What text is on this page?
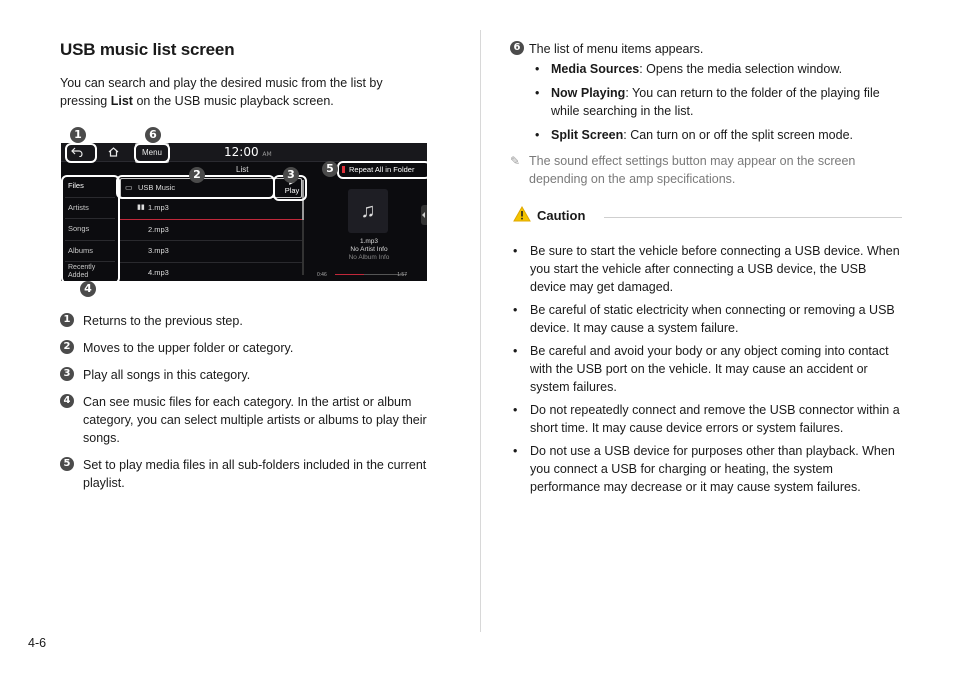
USB music list screen

You can search and play the desired music from the list by
pressing List on the USB music playback screen.

Menu	12:00 AM
List	Repeat All in Folder
Files
Artists
Songs
Albums
Recently Added
▭ USB Music
▮▮ 1.mp3
2.mp3
3.mp3
4.mp3

Play
♫
1.mp3
No Artist Info
No Album Info
0:46	1:57
1	6
2	3	5
4
1 Returns to the previous step.
2 Moves to the upper folder or category.
3 Play all songs in this category.
4 Can see music files for each category. In the artist or album category, you can select multiple artists or albums to play their songs.
5 Set to play media files in all sub-folders included in the current playlist.
6 The list of menu items appears.
• Media Sources: Opens the media selection window.
• Now Playing: You can return to the folder of the playing file while searching in the list.
• Split Screen: Can turn on or off the split screen mode.
✎ The sound effect settings button may appear on the screen depending on the amp specifications.
Caution
• Be sure to start the vehicle before connecting a USB device. When you start the vehicle after connecting a USB device, the USB device may get damaged.
• Be careful of static electricity when connecting or removing a USB device. It may cause a system failure.
• Be careful and avoid your body or any object coming into contact with the USB port on the vehicle. It may cause an accident or system failures.
• Do not repeatedly connect and remove the USB connector within a short time. It may cause device errors or system failures.
• Do not use a USB device for purposes other than playback. When you connect a USB for charging or heating, the system performance may decrease or it may cause system failures.
4-6
